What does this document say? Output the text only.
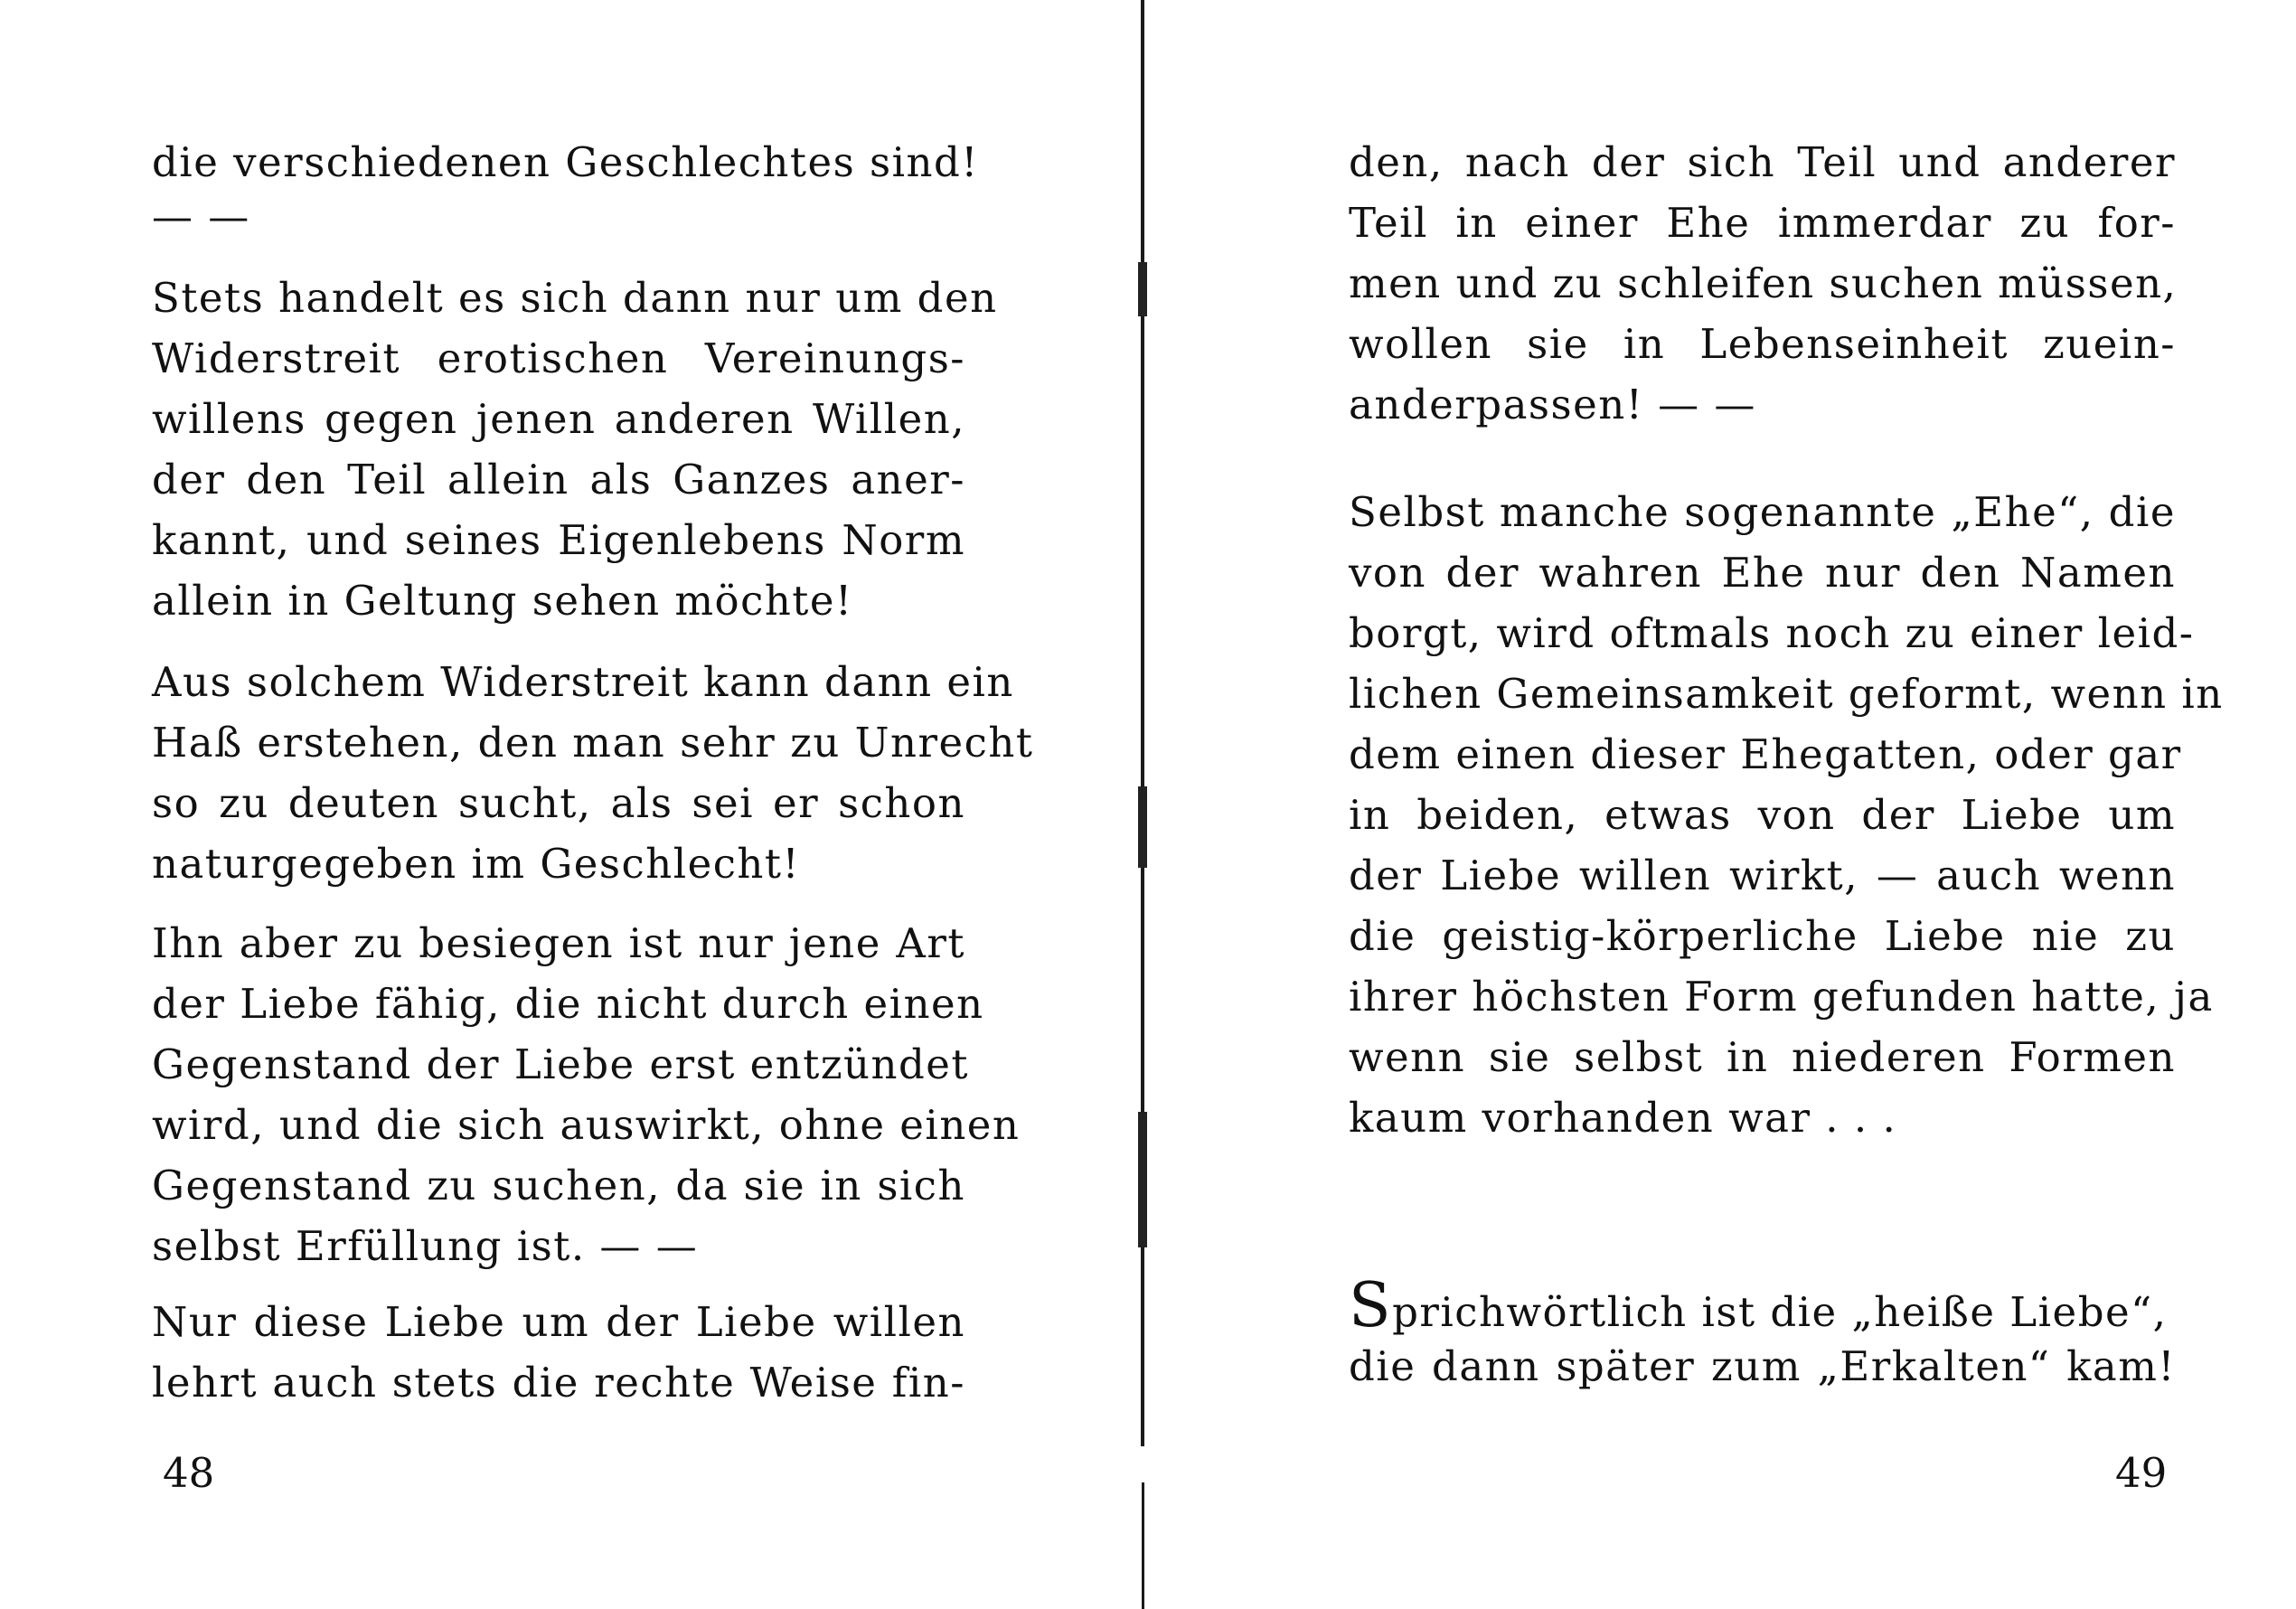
die verschiedenen Geschlechtes sind!
— —
Stets handelt es sich dann nur um den
Widerstreit erotischen Vereinungs-
willens gegen jenen anderen Willen,
der den Teil allein als Ganzes aner-
kannt, und seines Eigenlebens Norm
allein in Geltung sehen möchte!
Aus solchem Widerstreit kann dann ein
Haß erstehen, den man sehr zu Unrecht
so zu deuten sucht, als sei er schon
naturgegeben im Geschlecht!
Ihn aber zu besiegen ist nur jene Art
der Liebe fähig, die nicht durch einen
Gegenstand der Liebe erst entzündet
wird, und die sich auswirkt, ohne einen
Gegenstand zu suchen, da sie in sich
selbst Erfüllung ist. — —
Nur diese Liebe um der Liebe willen
lehrt auch stets die rechte Weise fin-
48
den, nach der sich Teil und anderer
Teil in einer Ehe immerdar zu for-
men und zu schleifen suchen müssen,
wollen sie in Lebenseinheit zuein-
anderpassen! — —
Selbst manche sogenannte „Ehe“, die
von der wahren Ehe nur den Namen
borgt, wird oftmals noch zu einer leid-
lichen Gemeinsamkeit geformt, wenn in
dem einen dieser Ehegatten, oder gar
in beiden, etwas von der Liebe um
der Liebe willen wirkt, — auch wenn
die geistig-körperliche Liebe nie zu
ihrer höchsten Form gefunden hatte, ja
wenn sie selbst in niederen Formen
kaum vorhanden war . . .
Sprichwörtlich ist die „heiße Liebe“,
die dann später zum „Erkalten“ kam!
49
